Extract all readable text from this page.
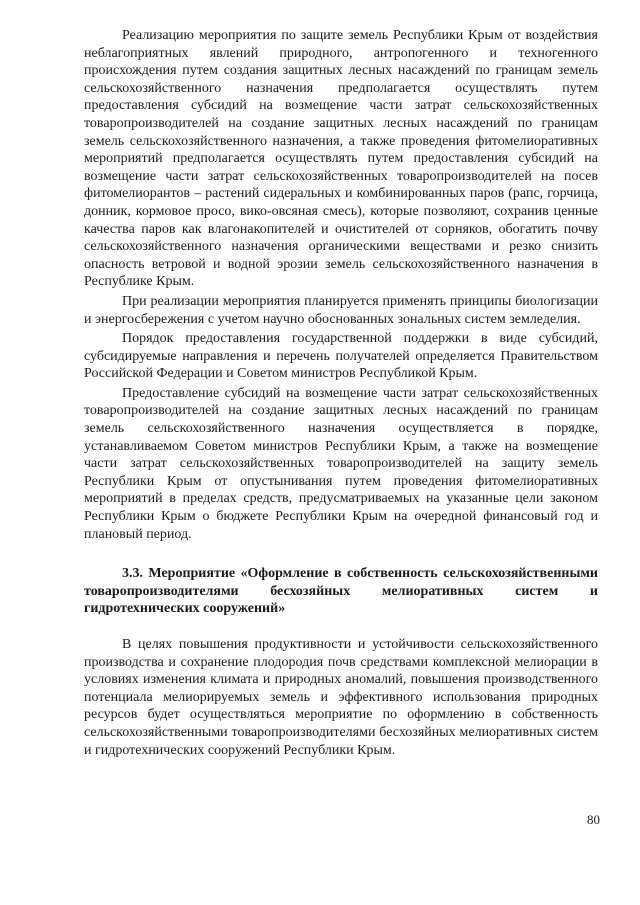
Реализацию мероприятия по защите земель Республики Крым от воздействия неблагоприятных явлений природного, антропогенного и техногенного происхождения путем создания защитных лесных насаждений по границам земель сельскохозяйственного назначения предполагается осуществлять путем предоставления субсидий на возмещение части затрат сельскохозяйственных товаропроизводителей на создание защитных лесных насаждений по границам земель сельскохозяйственного назначения, а также проведения фитомелиоративных мероприятий предполагается осуществлять путем предоставления субсидий на возмещение части затрат сельскохозяйственных товаропроизводителей на посев фитомелиорантов – растений сидеральных и комбинированных паров (рапс, горчица, донник, кормовое просо, вико-овсяная смесь), которые позволяют, сохранив ценные качества паров как влагонакопителей и очистителей от сорняков, обогатить почву сельскохозяйственного назначения органическими веществами и резко снизить опасность ветровой и водной эрозии земель сельскохозяйственного назначения в Республике Крым.

При реализации мероприятия планируется применять принципы биологизации и энергосбережения с учетом научно обоснованных зональных систем земледелия.

Порядок предоставления государственной поддержки в виде субсидий, субсидируемые направления и перечень получателей определяется Правительством Российской Федерации и Советом министров Республикой Крым.

Предоставление субсидий на возмещение части затрат сельскохозяйственных товаропроизводителей на создание защитных лесных насаждений по границам земель сельскохозяйственного назначения осуществляется в порядке, устанавливаемом Советом министров Республики Крым, а также на возмещение части затрат сельскохозяйственных товаропроизводителей на защиту земель Республики Крым от опустынивания путем проведения фитомелиоративных мероприятий в пределах средств, предусматриваемых на указанные цели законом Республики Крым о бюджете Республики Крым на очередной финансовый год и плановый период.

3.3. Мероприятие «Оформление в собственность сельскохозяйственными товаропроизводителями бесхозяйных мелиоративных систем и гидротехнических сооружений»

В целях повышения продуктивности и устойчивости сельскохозяйственного производства и сохранение плодородия почв средствами комплексной мелиорации в условиях изменения климата и природных аномалий, повышения производственного потенциала мелиорируемых земель и эффективного использования природных ресурсов будет осуществляться мероприятие по оформлению в собственность сельскохозяйственными товаропроизводителями бесхозяйных мелиоративных систем и гидротехнических сооружений Республики Крым.

80
